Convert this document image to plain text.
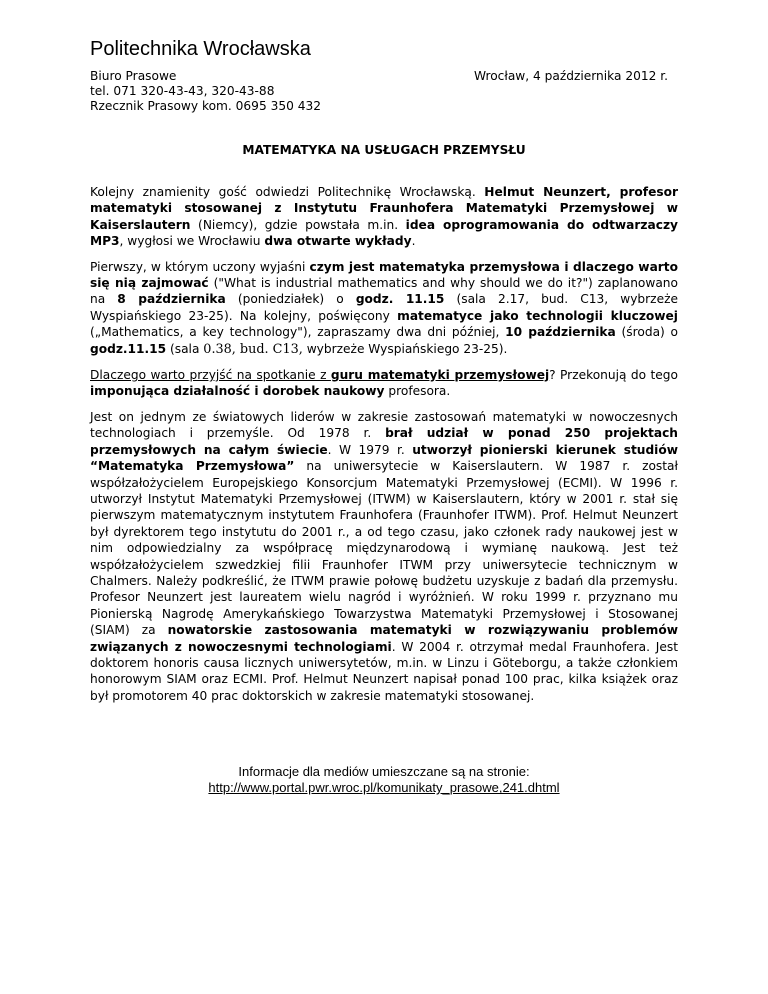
Politechnika Wrocławska
Biuro Prasowe
tel. 071 320-43-43, 320-43-88
Rzecznik Prasowy kom. 0695 350 432
Wrocław, 4 października 2012 r.
MATEMATYKA NA USŁUGACH PRZEMYSŁU

Kolejny znamienity gość odwiedzi Politechnikę Wrocławską. Helmut Neunzert, profesor matematyki stosowanej z Instytutu Fraunhofera Matematyki Przemysłowej w Kaiserslautern (Niemcy), gdzie powstała m.in. idea oprogramowania do odtwarzaczy MP3, wygłosi we Wrocławiu dwa otwarte wykłady.

Pierwszy, w którym uczony wyjaśni czym jest matematyka przemysłowa i dlaczego warto się nią zajmować ("What is industrial mathematics and why should we do it?") zaplanowano na 8 października (poniedziałek) o godz. 11.15 (sala 2.17, bud. C13, wybrzeże Wyspiańskiego 23-25). Na kolejny, poświęcony matematyce jako technologii kluczowej („Mathematics, a key technology"), zapraszamy dwa dni później, 10 października (środa) o godz.11.15 (sala 0.38, bud. C13, wybrzeże Wyspiańskiego 23-25).

Dlaczego warto przyjść na spotkanie z guru matematyki przemysłowej? Przekonują do tego imponująca działalność i dorobek naukowy profesora.

Jest on jednym ze światowych liderów w zakresie zastosowań matematyki w nowoczesnych technologiach i przemyśle. Od 1978 r. brał udział w ponad 250 projektach przemysłowych na całym świecie. W 1979 r. utworzył pionierski kierunek studiów “Matematyka Przemysłowa” na uniwersytecie w Kaiserslautern. W 1987 r. został współzałożycielem Europejskiego Konsorcjum Matematyki Przemysłowej (ECMI). W 1996 r. utworzył Instytut Matematyki Przemysłowej (ITWM) w Kaiserslautern, który w 2001 r. stał się pierwszym matematycznym instytutem Fraunhofera (Fraunhofer ITWM). Prof. Helmut Neunzert był dyrektorem tego instytutu do 2001 r., a od tego czasu, jako członek rady naukowej jest w nim odpowiedzialny za współpracę międzynarodową i wymianę naukową. Jest też współzałożycielem szwedzkiej filii Fraunhofer ITWM przy uniwersytecie technicznym w Chalmers. Należy podkreślić, że ITWM prawie połowę budżetu uzyskuje z badań dla przemysłu. Profesor Neunzert jest laureatem wielu nagród i wyróżnień. W roku 1999 r. przyznano mu Pionierską Nagrodę Amerykańskiego Towarzystwa Matematyki Przemysłowej i Stosowanej (SIAM) za nowatorskie zastosowania matematyki w rozwiązywaniu problemów związanych z nowoczesnymi technologiami. W 2004 r. otrzymał medal Fraunhofera. Jest doktorem honoris causa licznych uniwersytetów, m.in. w Linzu i Göteborgu, a także członkiem honorowym SIAM oraz ECMI. Prof. Helmut Neunzert napisał ponad 100 prac, kilka książek oraz był promotorem 40 prac doktorskich w zakresie matematyki stosowanej.

Informacje dla mediów umieszczane są na stronie:
http://www.portal.pwr.wroc.pl/komunikaty_prasowe,241.dhtml
